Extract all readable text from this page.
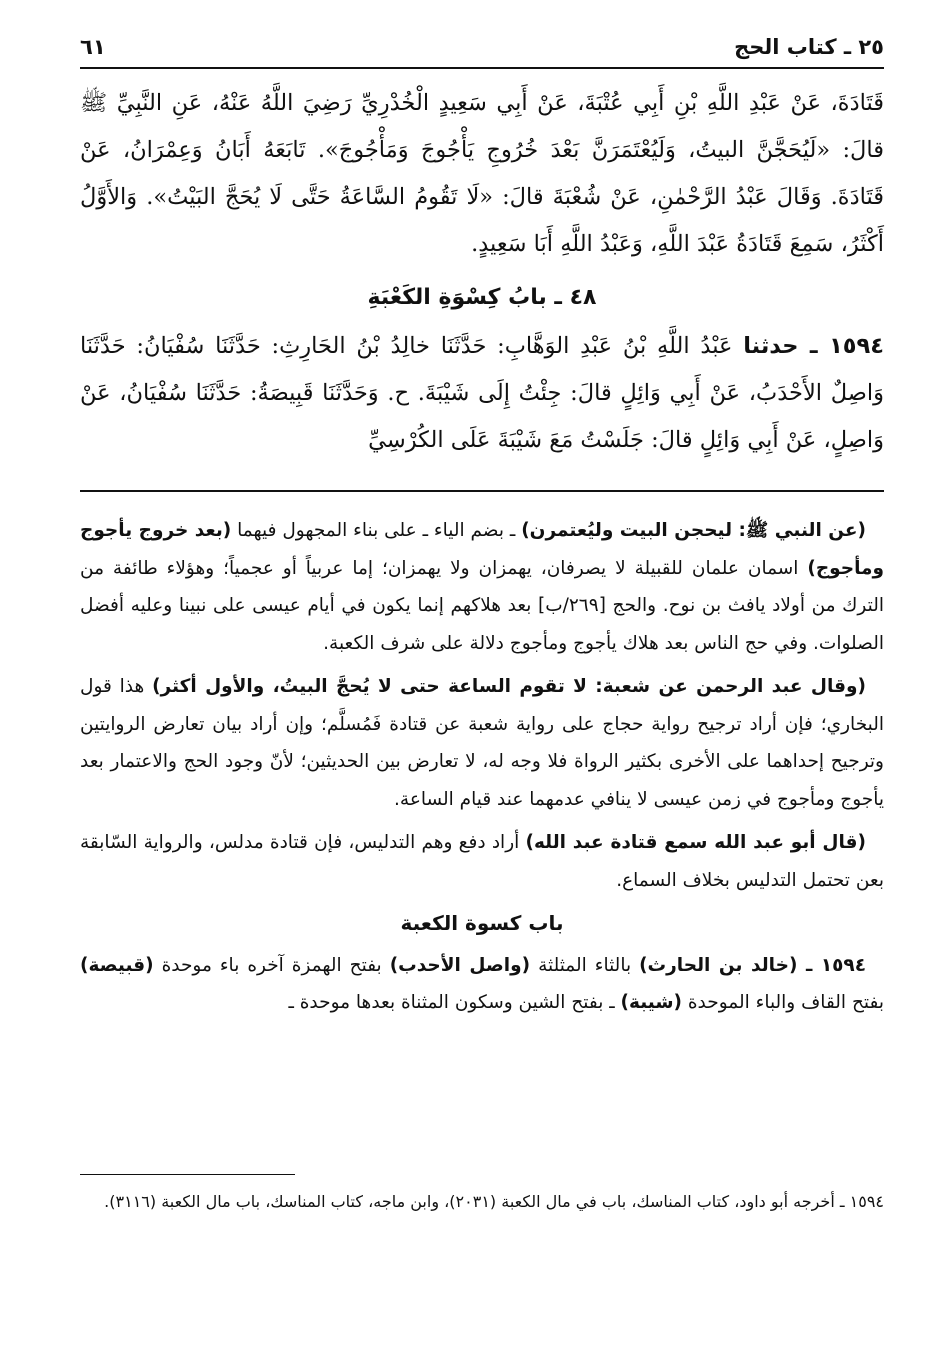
٢٥ ـ كتاب الحج
٦١

قَتَادَةَ، عَنْ عَبْدِ اللَّهِ بْنِ أَبِي عُتْبَةَ، عَنْ أَبِي سَعِيدٍ الْخُدْرِيِّ رَضِيَ اللَّهُ عَنْهُ، عَنِ النَّبِيِّ ﷺ قالَ: «لَيُحَجَّنَّ البيتُ، وَلَيُعْتَمَرَنَّ بَعْدَ خُرُوجِ يَأْجُوجَ وَمَأْجُوجَ». تَابَعَهُ أَبَانُ وَعِمْرَانُ، عَنْ قَتَادَةَ. وَقَالَ عَبْدُ الرَّحْمٰنِ، عَنْ شُعْبَةَ قالَ: «لَا تَقُومُ السَّاعَةُ حَتَّى لَا يُحَجَّ البَيْتُ». وَالأَوَّلُ أَكْثَرُ، سَمِعَ قَتَادَةُ عَبْدَ اللَّهِ، وَعَبْدُ اللَّهِ أَبَا سَعِيدٍ.

٤٨ ـ بابُ كِسْوَةِ الكَعْبَةِ

١٥٩٤ ـ حدثنا عَبْدُ اللَّهِ بْنُ عَبْدِ الوَهَّابِ: حَدَّثَنَا خالِدُ بْنُ الحَارِثِ: حَدَّثَنَا سُفْيَانُ: حَدَّثَنَا وَاصِلٌ الأَحْدَبُ، عَنْ أَبِي وَائِلٍ قالَ: جِئْتُ إِلَى شَيْبَةَ. ح. وَحَدَّثَنَا قَبِيصَةُ: حَدَّثَنَا سُفْيَانُ، عَنْ وَاصِلٍ، عَنْ أَبِي وَائِلٍ قالَ: جَلَسْتُ مَعَ شَيْبَةَ عَلَى الكُرْسِيِّ

(عن النبي ﷺ: ليحجن البيت وليُعتمرن) ـ بضم الياء ـ على بناء المجهول فيهما (بعد خروج يأجوج ومأجوج) اسمان علمان للقبيلة لا يصرفان، يهمزان ولا يهمزان؛ إما عربياً أو عجمياً؛ وهؤلاء طائفة من الترك من أولاد يافث بن نوح. والحج [٢٦٩/ب] بعد هلاكهم إنما يكون في أيام عيسى على نبينا وعليه أفضل الصلوات. وفي حج الناس بعد هلاك يأجوج ومأجوج دلالة على شرف الكعبة.

(وقال عبد الرحمن عن شعبة: لا تقوم الساعة حتى لا يُحجَّ البيتُ، والأول أكثر) هذا قول البخاري؛ فإن أراد ترجيح رواية حجاج على رواية شعبة عن قتادة فَمُسلَّم؛ وإن أراد بيان تعارض الروايتين وترجيح إحداهما على الأخرى بكثير الرواة فلا وجه له، لا تعارض بين الحديثين؛ لأنّ وجود الحج والاعتمار بعد يأجوج ومأجوج في زمن عيسى لا ينافي عدمهما عند قيام الساعة.

(قال أبو عبد الله سمع قتادة عبد الله) أراد دفع وهم التدليس، فإن قتادة مدلس، والرواية السّابقة بعن تحتمل التدليس بخلاف السماع.

باب كسوة الكعبة

١٥٩٤ ـ (خالد بن الحارث) بالثاء المثلثة (واصل الأحدب) بفتح الهمزة آخره باء موحدة (قبيصة) بفتح القاف والباء الموحدة (شيبة) ـ بفتح الشين وسكون المثناة بعدها موحدة ـ

١٥٩٤ ـ أخرجه أبو داود، كتاب المناسك، باب في مال الكعبة (٢٠٣١)، وابن ماجه، كتاب المناسك، باب مال الكعبة (٣١١٦).
